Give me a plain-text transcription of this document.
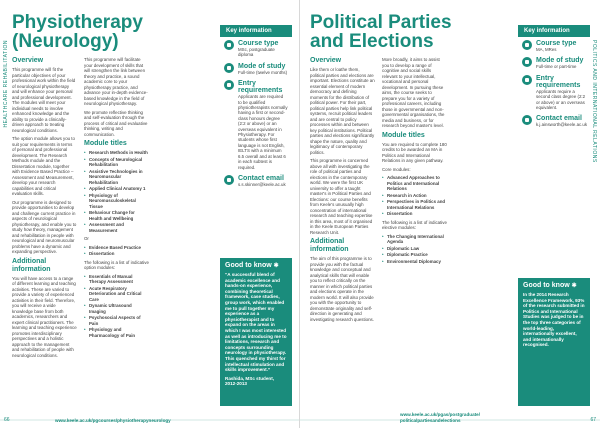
HEALTHCARE REHABILITATION
Physiotherapy
(Neurology)
Overview

This programme will fit the particular objectives of your professional work within the field of neurological physiotherapy and will enhance your personal and professional development. The modules will meet your individual needs to involve enhanced knowledge and the ability to provide a clinically-driven approach to treating neurological conditions.

The option module allows you to suit your requirements in terms of personal and professional development. The Research Methods module and the Dissertation module, together with Evidence Based Practice – Assessment and Measurement, develop your research capabilities and critical evaluation skills.

Our programme is designed to provide opportunities to develop and challenge current practice in aspects of neurological physiotherapy, and enable you to study how theory, management and rehabilitation in people with neurological and neuromuscular problems have a dynamic and expanding perspective.

Additional information

You will have access to a range of different learning and teaching activities. These are varied to provide a variety of experienced activities in their field. Therefore, you will receive a wide knowledge base from both academics, researchers and expert clinical practitioners. The learning and teaching experience promotes interdisciplinary perspectives and a holistic approach to the management and rehabilitation of people with neurological conditions.

This programme will facilitate your development of skills that will strengthen the link between theory and practice, a sound academic core to your physiotherapy practice, and advance your in-depth evidence-based knowledge in the field of neurological physiotherapy.

We promote reflective thinking and self-evaluation through the process of critical and evaluative thinking, writing and communication.

Module titles
• Research Methods in Health
• Concepts of Neurological Rehabilitation
• Assistive Technologies in Neuromuscular Rehabilitation
• Applied Clinical Anatomy 1
• Physiology of Neuromusculoskeletal Tissue
• Behaviour Change for Health and Wellbeing
• Assessment and Measurement

Or

• Evidence Based Practice
• Dissertation

The following is a list of indicative option modules:

• Essentials of Manual Therapy Assessment
• Acute Respiratory Deterioration and Critical Care
• Dynamic Ultrasound Imaging
• Psychosocial Aspects of Pain
• Physiology and Pharmacology of Pain
Key information
Course type
MSc, postgraduate diploma
Mode of study
Full-time (twelve months)
Entry requirements
Applicants are required to be qualified physiotherapists normally having a first or second-class honours degree (2:2 or above) or an overseas equivalent in Physiotherapy. For students whose first language is not English, IELTS with a minimum 6.5 overall and at least 6 in each subtest is required.
Contact email
s.s.skinner@keele.ac.uk
Good to know ✱

“A successful blend of academic excellence and hands-on experience, combining theoretical framework, case studies, group work, which enabled me to pull together my experience as a physiotherapist and to expand on the areas in which I was most interested as well as introducing me to limitations, research and concepts surrounding neurology in physiotherapy. This quenched my thirst for intellectual stimulation and skills improvement.”

Rashida, MSc student, 2012-2013

66	www.keele.ac.uk/pgcourses/physiotherapyneurology
POLITICS AND INTERNATIONAL RELATIONS
Political Parties
and Elections
Overview

Like them or loathe them, political parties and elections are important. Elections constitute an essential element of modern democracy and defining moments for the distribution of political power. For their part, political parties help link political systems, recruit political leaders and are central to policy processes within and between key political institutions. Political parties and elections significantly shape the nature, quality and legitimacy of contemporary politics.

This programme is concerned above all with investigating the role of political parties and elections in the contemporary world. We were the first UK university to offer a taught master's in Political Parties and Elections: our course benefits from Keele's unusually high concentration of international research and teaching expertise in this area, most of it organised in the Keele European Parties Research Unit.

Additional information

The aim of this programme is to provide you with the factual knowledge and conceptual and analytical skills that will enable you to reflect critically on the manner in which political parties and elections operate in the modern world. It will also provide you with the opportunity to demonstrate originality and self-direction in generating and investigating research questions.

More broadly, it aims to assist you to develop a range of cognitive and social skills relevant to your intellectual, vocational and personal development. In pursuing these aims, the course seeks to prepare you for a variety of professional careers, including those in governmental and non-governmental organisations, the media and business, or for research beyond master's level.

Module titles

You are required to complete 180 credits to be awarded an MA in Politics and International Relations in any given pathway.

Core modules:

• Advanced Approaches to Politics and International Relations
• Research in Action
• Perspectives in Politics and International Relations
• Dissertation

The following is a list of indicative elective modules:

• The Changing International Agenda
• Diplomatic Law
• Diplomatic Practice
• Environmental Diplomacy
Key information
Course type
MA, MRes
Mode of study
Full-time or part-time
Entry requirements
Applicants require a second class degree (2:2 or above) or an overseas equivalent.
Contact email
k.j.ainsworth@keele.ac.uk
Good to know ✱

In the 2014 Research Excellence Framework, 93% of the research submitted in Politics and International Studies was judged to be in the top three categories of world-leading, internationally excellent, and internationally recognised.

www.keele.ac.uk/pgas/postgraduate/
politicalpartiesandelections	67
